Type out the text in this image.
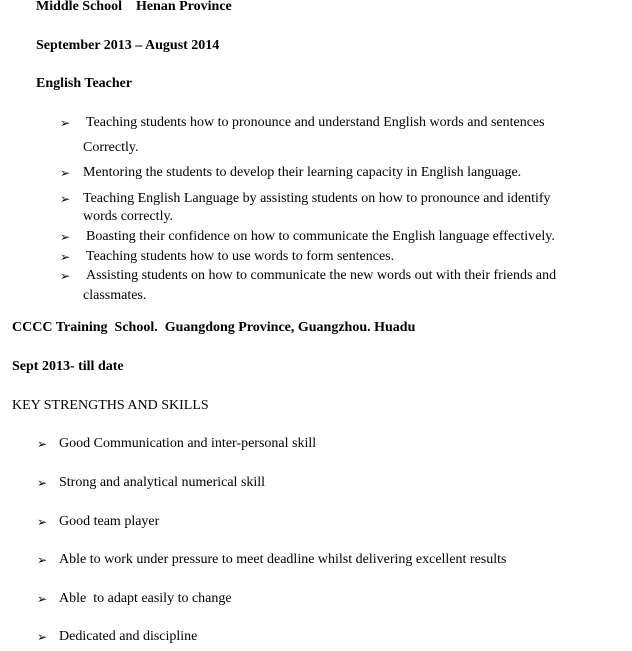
Middle School    Henan Province
September 2013 – August 2014
English Teacher
➢ Teaching students how to pronounce and understand English words and sentences
Correctly.
➢ Mentoring the students to develop their learning capacity in English language.
➢ Teaching English Language by assisting students on how to pronounce and identify
words correctly.
➢ Boasting their confidence on how to communicate the English language effectively.
➢ Teaching students how to use words to form sentences.
➢ Assisting students on how to communicate the new words out with their friends and
classmates.
CCCC Training  School.  Guangdong Province, Guangzhou. Huadu
Sept 2013- till date
KEY STRENGTHS AND SKILLS
➢ Good Communication and inter-personal skill
➢ Strong and analytical numerical skill
➢ Good team player
➢ Able to work under pressure to meet deadline whilst delivering excellent results
➢ Able  to adapt easily to change
➢ Dedicated and discipline
